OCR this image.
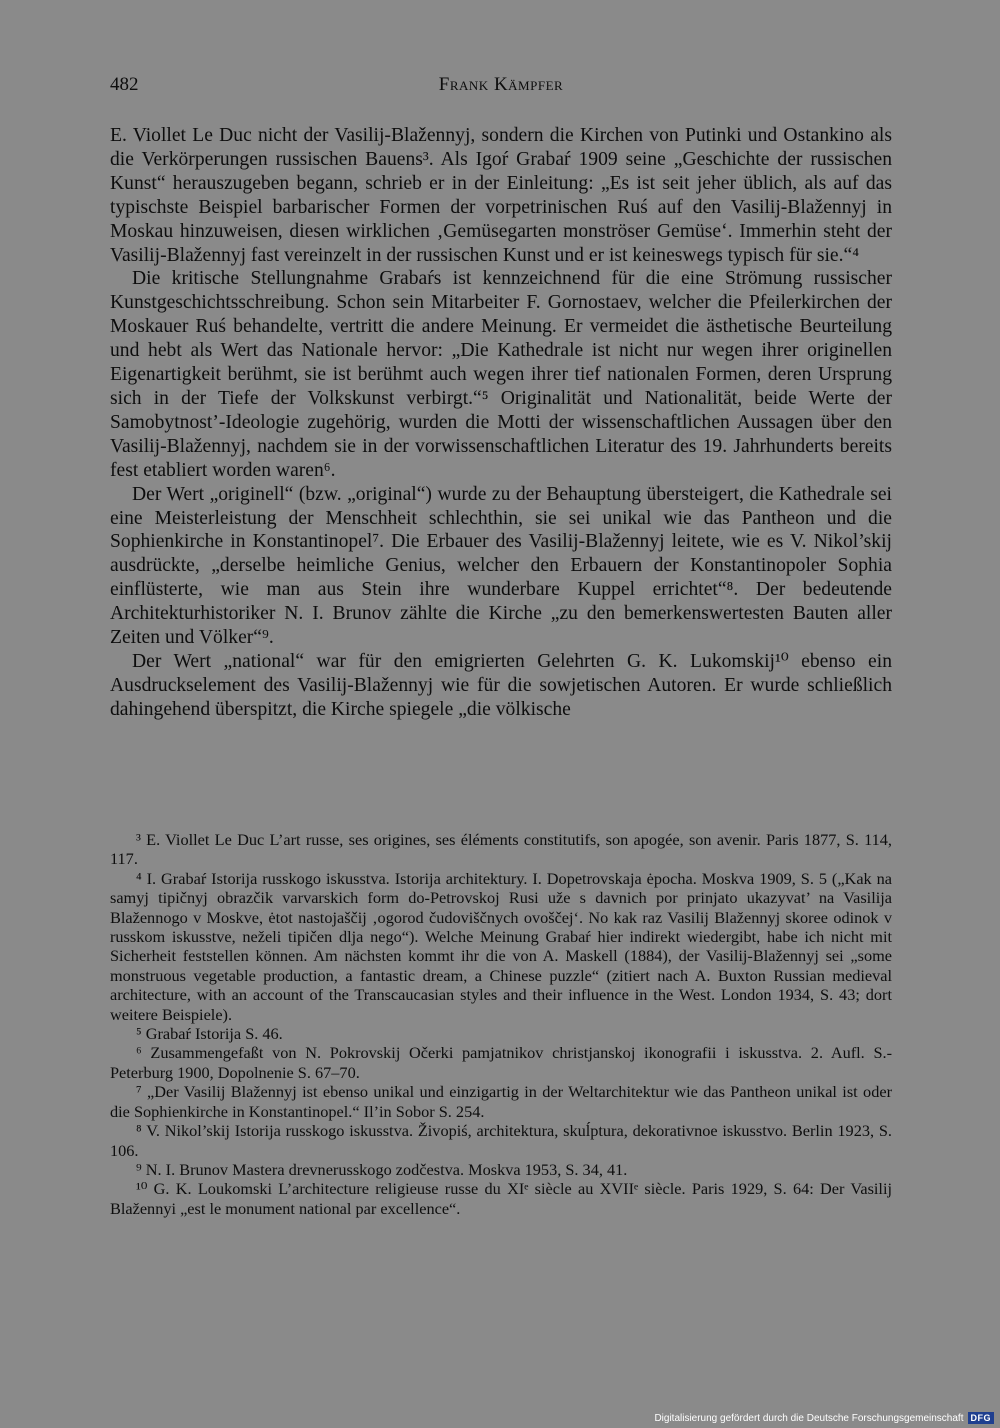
482	Frank Kämpfer

E. Viollet Le Duc nicht der Vasilij-Blažennyj, sondern die Kirchen von Putinki und Ostankino als die Verkörperungen russischen Bauens³. Als Igoŕ Grabaŕ 1909 seine „Geschichte der russischen Kunst“ herauszugeben begann, schrieb er in der Einleitung: „Es ist seit jeher üblich, als auf das typischste Beispiel barbarischer Formen der vorpetrinischen Ruś auf den Vasilij-Blažennyj in Moskau hinzuweisen, diesen wirklichen ‚Gemüsegarten monströser Gemüse‘. Immerhin steht der Vasilij-Blažennyj fast vereinzelt in der russischen Kunst und er ist keineswegs typisch für sie.“⁴

Die kritische Stellungnahme Grabaŕs ist kennzeichnend für die eine Strömung russischer Kunstgeschichtsschreibung. Schon sein Mitarbeiter F. Gornostaev, welcher die Pfeilerkirchen der Moskauer Ruś behandelte, vertritt die andere Meinung. Er vermeidet die ästhetische Beurteilung und hebt als Wert das Nationale hervor: „Die Kathedrale ist nicht nur wegen ihrer originellen Eigenartigkeit berühmt, sie ist berühmt auch wegen ihrer tief nationalen Formen, deren Ursprung sich in der Tiefe der Volkskunst verbirgt.“⁵ Originalität und Nationalität, beide Werte der Samobytnost’-Ideologie zugehörig, wurden die Motti der wissenschaftlichen Aussagen über den Vasilij-Blažennyj, nachdem sie in der vorwissenschaftlichen Literatur des 19. Jahrhunderts bereits fest etabliert worden waren⁶.

Der Wert „originell“ (bzw. „original“) wurde zu der Behauptung übersteigert, die Kathedrale sei eine Meisterleistung der Menschheit schlechthin, sie sei unikal wie das Pantheon und die Sophienkirche in Konstantinopel⁷. Die Erbauer des Vasilij-Blažennyj leitete, wie es V. Nikol’skij ausdrückte, „derselbe heimliche Genius, welcher den Erbauern der Konstantinopoler Sophia einflüsterte, wie man aus Stein ihre wunderbare Kuppel errichtet“⁸. Der bedeutende Architekturhistoriker N. I. Brunov zählte die Kirche „zu den bemerkenswertesten Bauten aller Zeiten und Völker“⁹.

Der Wert „national“ war für den emigrierten Gelehrten G. K. Lukomskij¹⁰ ebenso ein Ausdruckselement des Vasilij-Blažennyj wie für die sowjetischen Autoren. Er wurde schließlich dahingehend überspitzt, die Kirche spiegele „die völkische

³ E. Viollet Le Duc L’art russe, ses origines, ses éléments constitutifs, son apogée, son avenir. Paris 1877, S. 114, 117.

⁴ I. Grabaŕ Istorija russkogo iskusstva. Istorija architektury. I. Dopetrovskaja ėpocha. Moskva 1909, S. 5 („Kak na samyj tipičnyj obrazčik varvarskich form do-Petrovskoj Rusi uže s davnich por prinjato ukazyvat’ na Vasilija Blažennogo v Moskve, ėtot nastojaščij ‚ogorod čudoviščnych ovoščej‘. No kak raz Vasilij Blažennyj skoree odinok v russkom iskusstve, neželi tipičen dlja nego“). Welche Meinung Grabaŕ hier indirekt wiedergibt, habe ich nicht mit Sicherheit feststellen können. Am nächsten kommt ihr die von A. Maskell (1884), der Vasilij-Blažennyj sei „some monstruous vegetable production, a fantastic dream, a Chinese puzzle“ (zitiert nach A. Buxton Russian medieval architecture, with an account of the Transcaucasian styles and their influence in the West. London 1934, S. 43; dort weitere Beispiele).

⁵ Grabaŕ Istorija S. 46.

⁶ Zusammengefaßt von N. Pokrovskij Očerki pamjatnikov christjanskoj ikonografii i iskusstva. 2. Aufl. S.-Peterburg 1900, Dopolnenie S. 67–70.

⁷ „Der Vasilij Blažennyj ist ebenso unikal und einzigartig in der Weltarchitektur wie das Pantheon unikal ist oder die Sophienkirche in Konstantinopel.“ Il’in Sobor S. 254.

⁸ V. Nikol’skij Istorija russkogo iskusstva. Živopiś, architektura, skuĺptura, dekorativnoe iskusstvo. Berlin 1923, S. 106.

⁹ N. I. Brunov Mastera drevnerusskogo zodčestva. Moskva 1953, S. 34, 41.

¹⁰ G. K. Loukomski L’architecture religieuse russe du XIᵉ siècle au XVIIᵉ siècle. Paris 1929, S. 64: Der Vasilij Blažennyi „est le monument national par excellence“.

Digitalisierung gefördert durch die Deutsche Forschungsgemeinschaft DFG
